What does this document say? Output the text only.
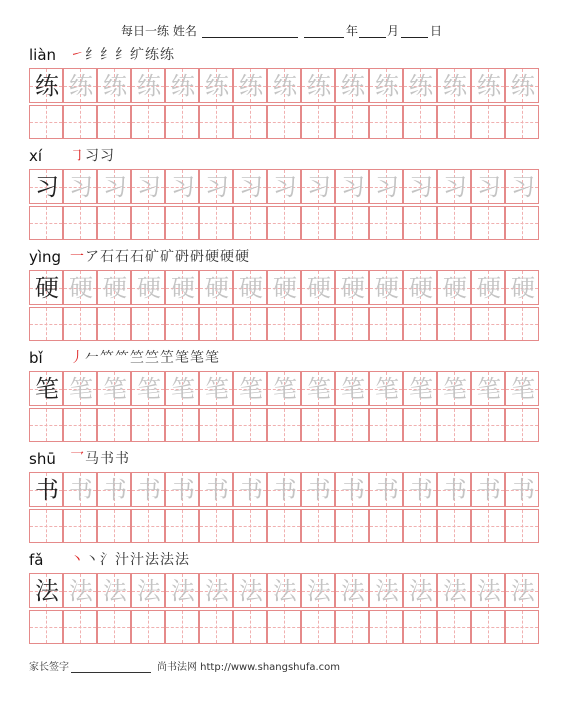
每日一练 姓名	年 月	日
liàn ㇀纟纟纟纩练练
练 练 练 练 练 练 练 练 练 练 练 练 练 练 练
xí ㇆习习
习 习 习 习 习 习 习 习 习 习 习 习 习 习 习
yìng 一ア石石石矿矿砃砃硬硬硬
硬 硬 硬 硬 硬 硬 硬 硬 硬 硬 硬 硬 硬 硬 硬
bǐ 丿𠂉𥫗⺮竺竺笁笔笔笔
笔 笔 笔 笔 笔 笔 笔 笔 笔 笔 笔 笔 笔 笔 笔
shū 乛马书书
书 书 书 书 书 书 书 书 书 书 书 书 书 书 书
fǎ 丶丶氵汁汁法法法
法 法 法 法 法 法 法 法 法 法 法 法 法 法 法
家长签字	尚书法网 http://www.shangshufa.com
